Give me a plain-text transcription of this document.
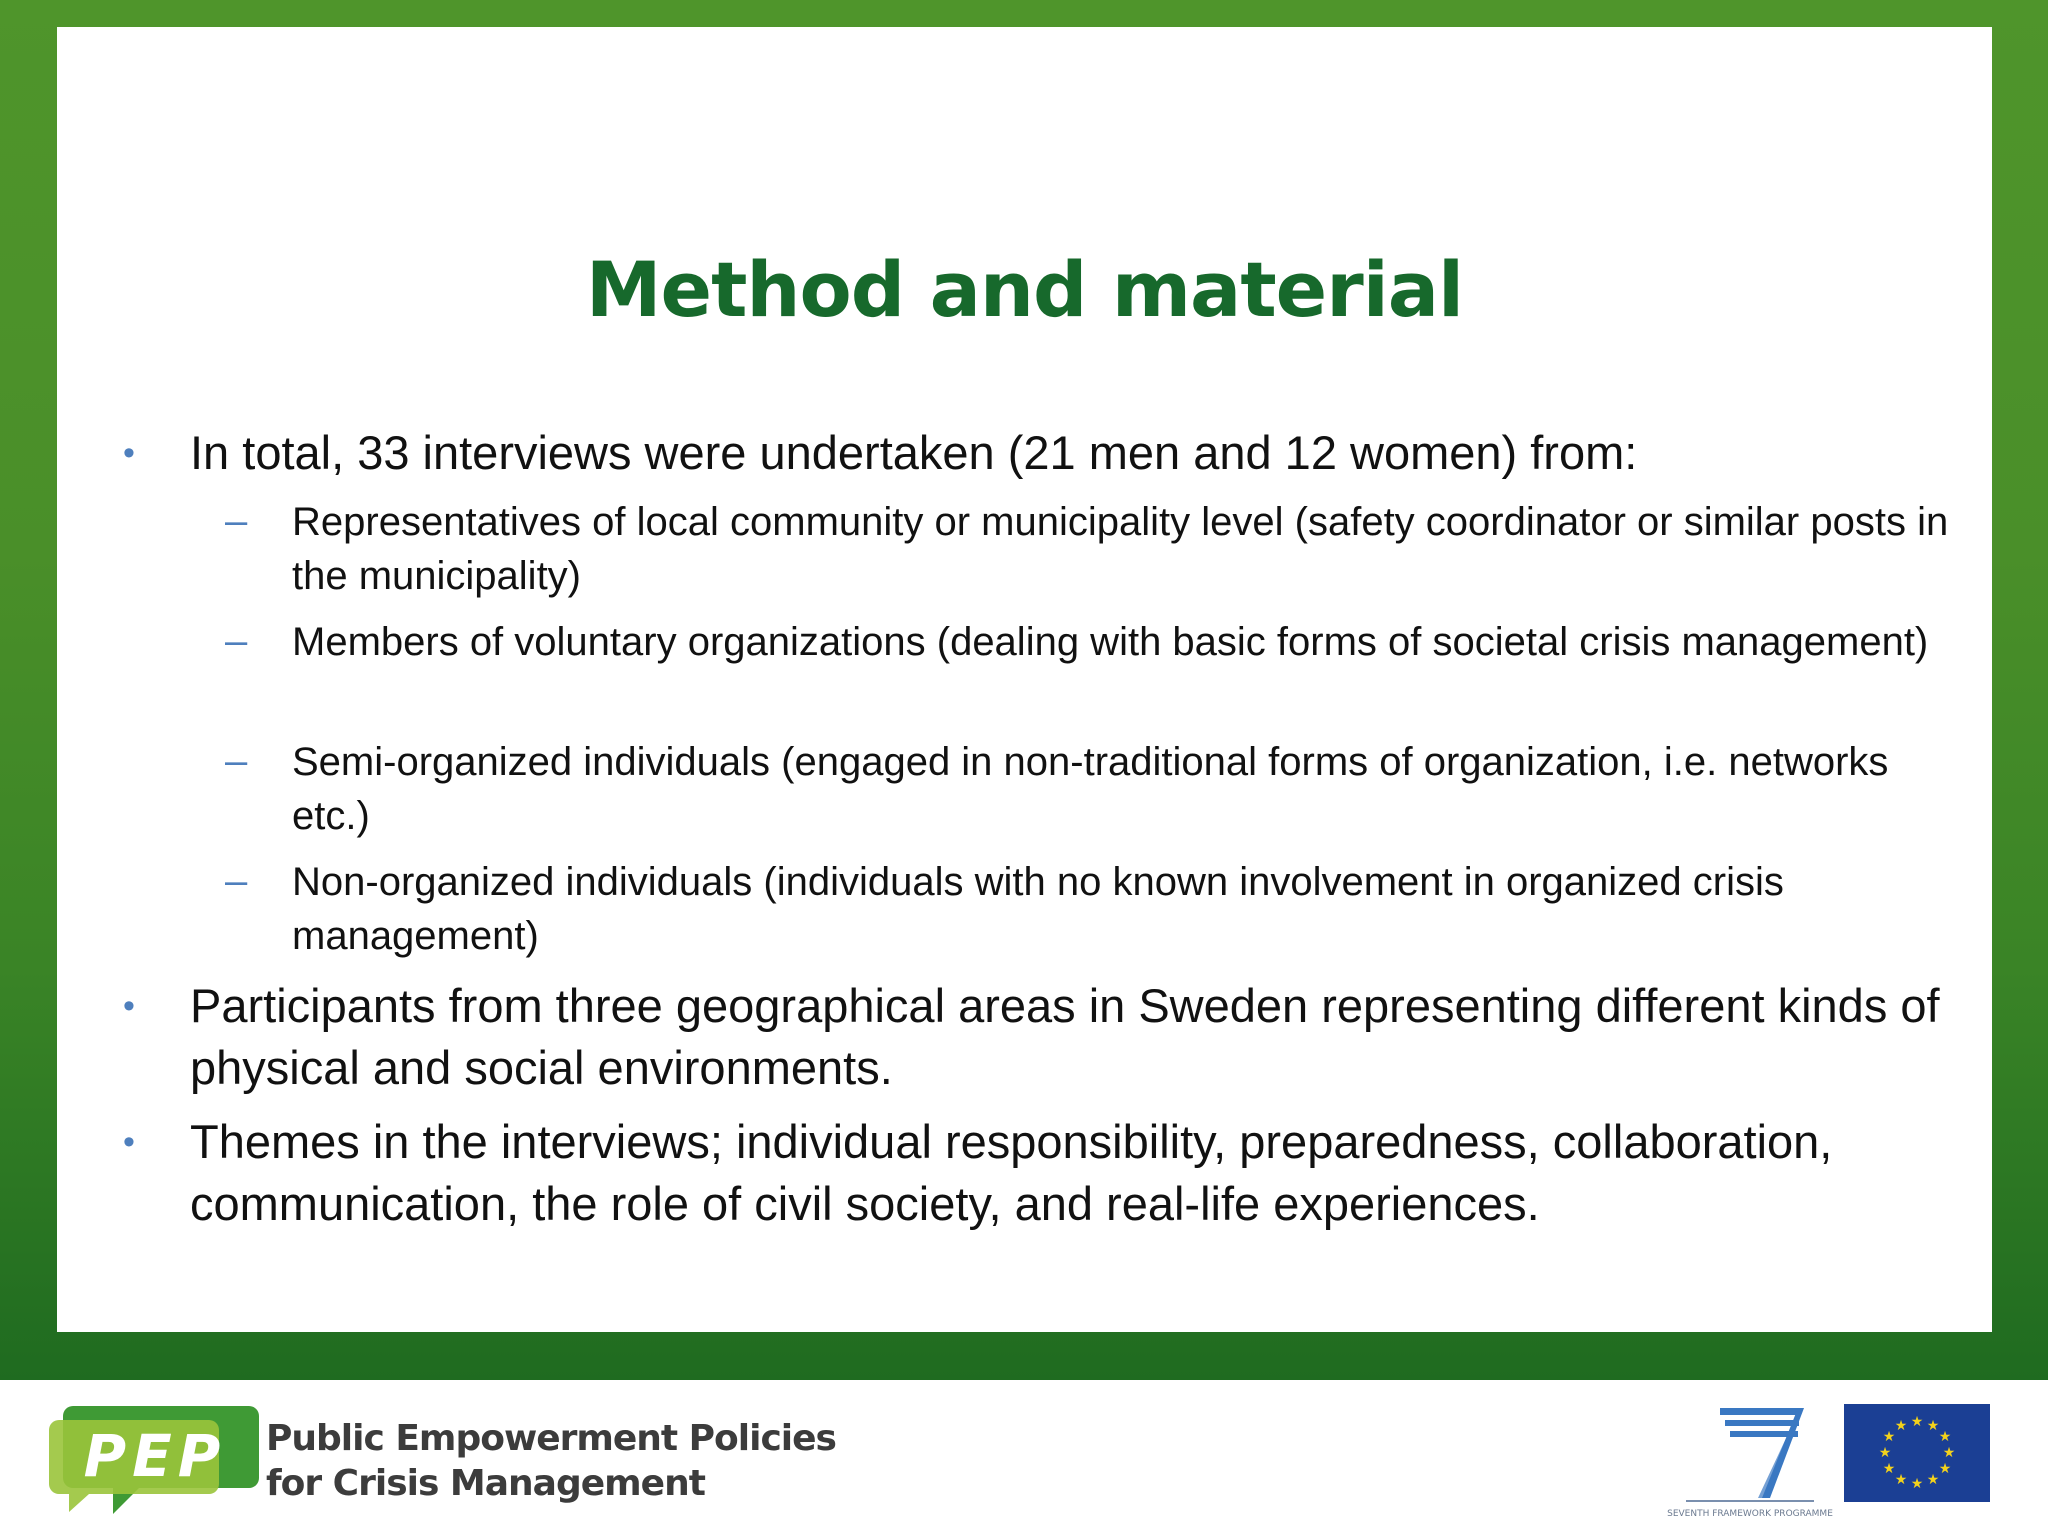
Method and material
• In total, 33 interviews were undertaken (21 men and 12 women) from:
– Representatives of local community or municipality level (safety coordinator or similar posts in the municipality)
– Members of voluntary organizations (dealing with basic forms of societal crisis management)
– Semi-organized individuals (engaged in non-traditional forms of organization, i.e. networks etc.)
– Non-organized individuals (individuals with no known involvement in organized crisis management)
• Participants from three geographical areas in Sweden representing different kinds of physical and social environments.
• Themes in the interviews; individual responsibility, preparedness, collaboration, communication, the role of civil society, and real-life experiences.
PEP Public Empowerment Policies
for Crisis Management
SEVENTH FRAMEWORK PROGRAMME
★ ★
★
★
★
★
★
★
★
★
★
★
